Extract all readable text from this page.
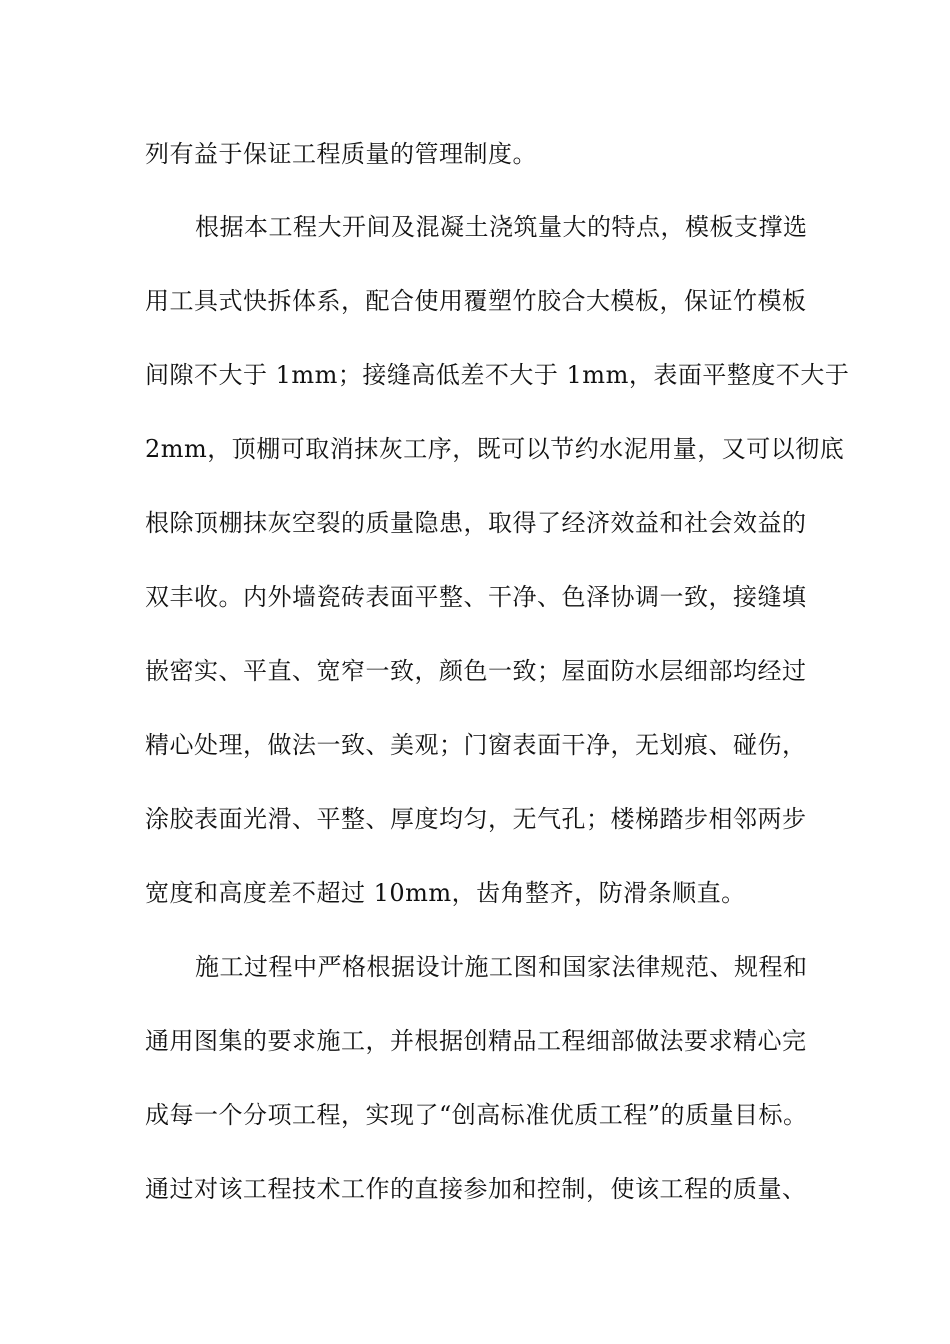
列有益于保证工程质量的管理制度。
根据本工程大开间及混凝土浇筑量大的特点，模板支撑选
用工具式快拆体系，配合使用覆塑竹胶合大模板，保证竹模板
间隙不大于 1mm；接缝高低差不大于 1mm，表面平整度不大于
2mm，顶棚可取消抹灰工序，既可以节约水泥用量，又可以彻底
根除顶棚抹灰空裂的质量隐患，取得了经济效益和社会效益的
双丰收。内外墙瓷砖表面平整、干净、色泽协调一致，接缝填
嵌密实、平直、宽窄一致，颜色一致；屋面防水层细部均经过
精心处理，做法一致、美观；门窗表面干净，无划痕、碰伤，
涂胶表面光滑、平整、厚度均匀，无气孔；楼梯踏步相邻两步
宽度和高度差不超过 10mm，齿角整齐，防滑条顺直。
施工过程中严格根据设计施工图和国家法律规范、规程和
通用图集的要求施工，并根据创精品工程细部做法要求精心完
成每一个分项工程，实现了“创高标准优质工程”的质量目标。
通过对该工程技术工作的直接参加和控制，使该工程的质量、
